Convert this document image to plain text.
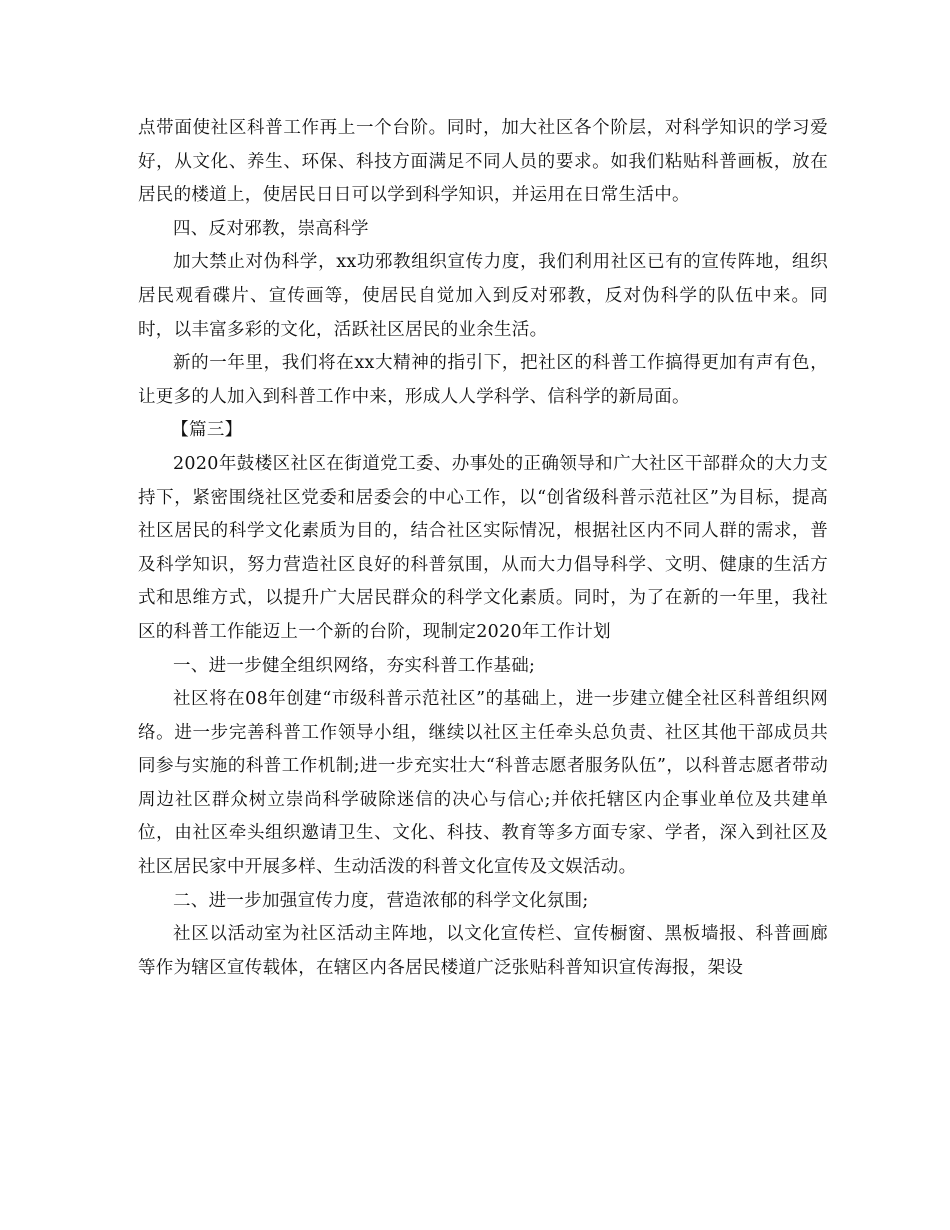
点带面使社区科普工作再上一个台阶。同时，加大社区各个阶层，对科学知识的学习爱好，从文化、养生、环保、科技方面满足不同人员的要求。如我们粘贴科普画板，放在居民的楼道上，使居民日日可以学到科学知识，并运用在日常生活中。

四、反对邪教，崇高科学

加大禁止对伪科学，xx功邪教组织宣传力度，我们利用社区已有的宣传阵地，组织居民观看碟片、宣传画等，使居民自觉加入到反对邪教，反对伪科学的队伍中来。同时，以丰富多彩的文化，活跃社区居民的业余生活。

新的一年里，我们将在xx大精神的指引下，把社区的科普工作搞得更加有声有色，让更多的人加入到科普工作中来，形成人人学科学、信科学的新局面。

【篇三】

2020年鼓楼区社区在街道党工委、办事处的正确领导和广大社区干部群众的大力支持下，紧密围绕社区党委和居委会的中心工作，以“创省级科普示范社区”为目标，提高社区居民的科学文化素质为目的，结合社区实际情况，根据社区内不同人群的需求，普及科学知识，努力营造社区良好的科普氛围，从而大力倡导科学、文明、健康的生活方式和思维方式，以提升广大居民群众的科学文化素质。同时，为了在新的一年里，我社区的科普工作能迈上一个新的台阶，现制定2020年工作计划

一、进一步健全组织网络，夯实科普工作基础;

社区将在08年创建“市级科普示范社区”的基础上，进一步建立健全社区科普组织网络。进一步完善科普工作领导小组，继续以社区主任牵头总负责、社区其他干部成员共同参与实施的科普工作机制;进一步充实壮大“科普志愿者服务队伍”，以科普志愿者带动周边社区群众树立崇尚科学破除迷信的决心与信心;并依托辖区内企事业单位及共建单位，由社区牵头组织邀请卫生、文化、科技、教育等多方面专家、学者，深入到社区及社区居民家中开展多样、生动活泼的科普文化宣传及文娱活动。

二、进一步加强宣传力度，营造浓郁的科学文化氛围;

社区以活动室为社区活动主阵地，以文化宣传栏、宣传橱窗、黑板墙报、科普画廊等作为辖区宣传载体，在辖区内各居民楼道广泛张贴科普知识宣传海报，架设
